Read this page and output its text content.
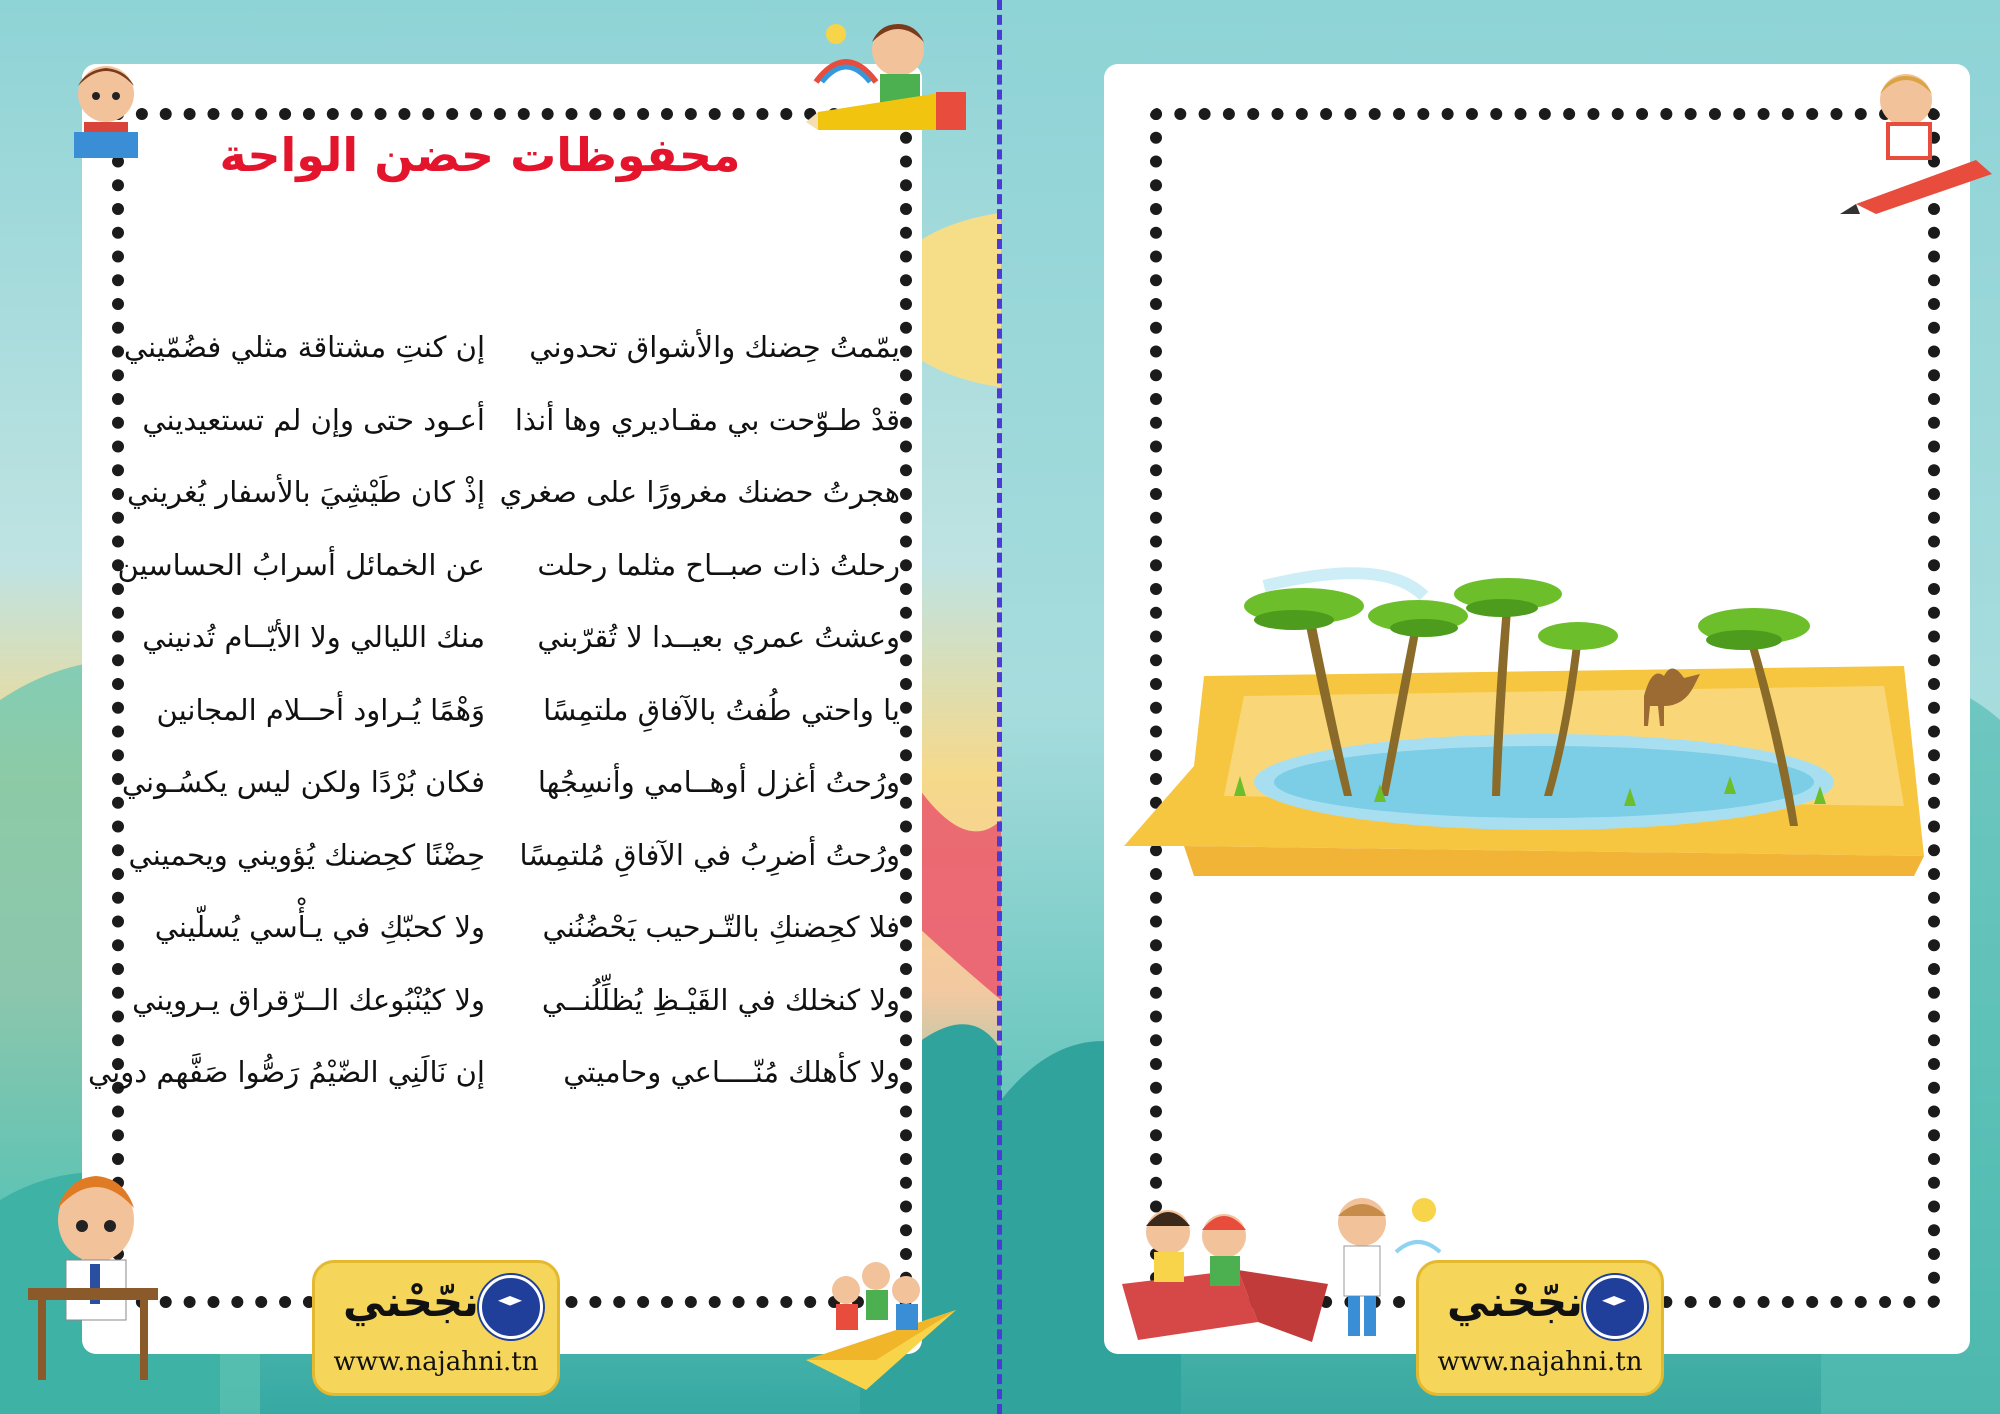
محفوظات حضن الواحة
يمّمتُ حِضنك والأشواق تحدوني
إن كنتِ مشتاقة مثلي فضُمّيني
قدْ طـوّحت بي مقـاديري وها أنذا
أعـود حتى وإن لم تستعيديني
هجرتُ حضنك مغرورًا على صغري
إذْ كان طَيْشِيَ بالأسفار يُغريني
رحلتُ ذات صبــاح مثلما رحلت
عن الخمائل أسرابُ الحساسين
وعشتُ عمري بعيــدا لا تُقرّبني
منك الليالي ولا الأيّــام تُدنيني
يا واحتي طُفتُ بالآفاقِ ملتمِسًا
وَهْمًا يُـراود أحــلام المجانين
ورُحتُ أغزل أوهــامي وأنسِجُها
فكان بُرْدًا ولكن ليس يكسُـوني
ورُحتُ أضرِبُ في الآفاقِ مُلتمِسًا
حِضْنًا كحِضنك يُؤويني ويحميني
فلا كحِضنكِ بالتّـرحيب يَحْضُنُني
ولا كحبّكِ في يـأْسي يُسلّيني
ولا كنخلك في القَيْـظِ يُظلِّلُنــي
ولا كيُنْبُوعك الــرّقراق يـرويني
ولا كأهلك مُنّــــاعي وحاميتي
إن نَالَنِي الضّيْمُ رَصُّوا صَفَّهم دوني
نجّحْني
www.najahni.tn
نجّحْني
www.najahni.tn
